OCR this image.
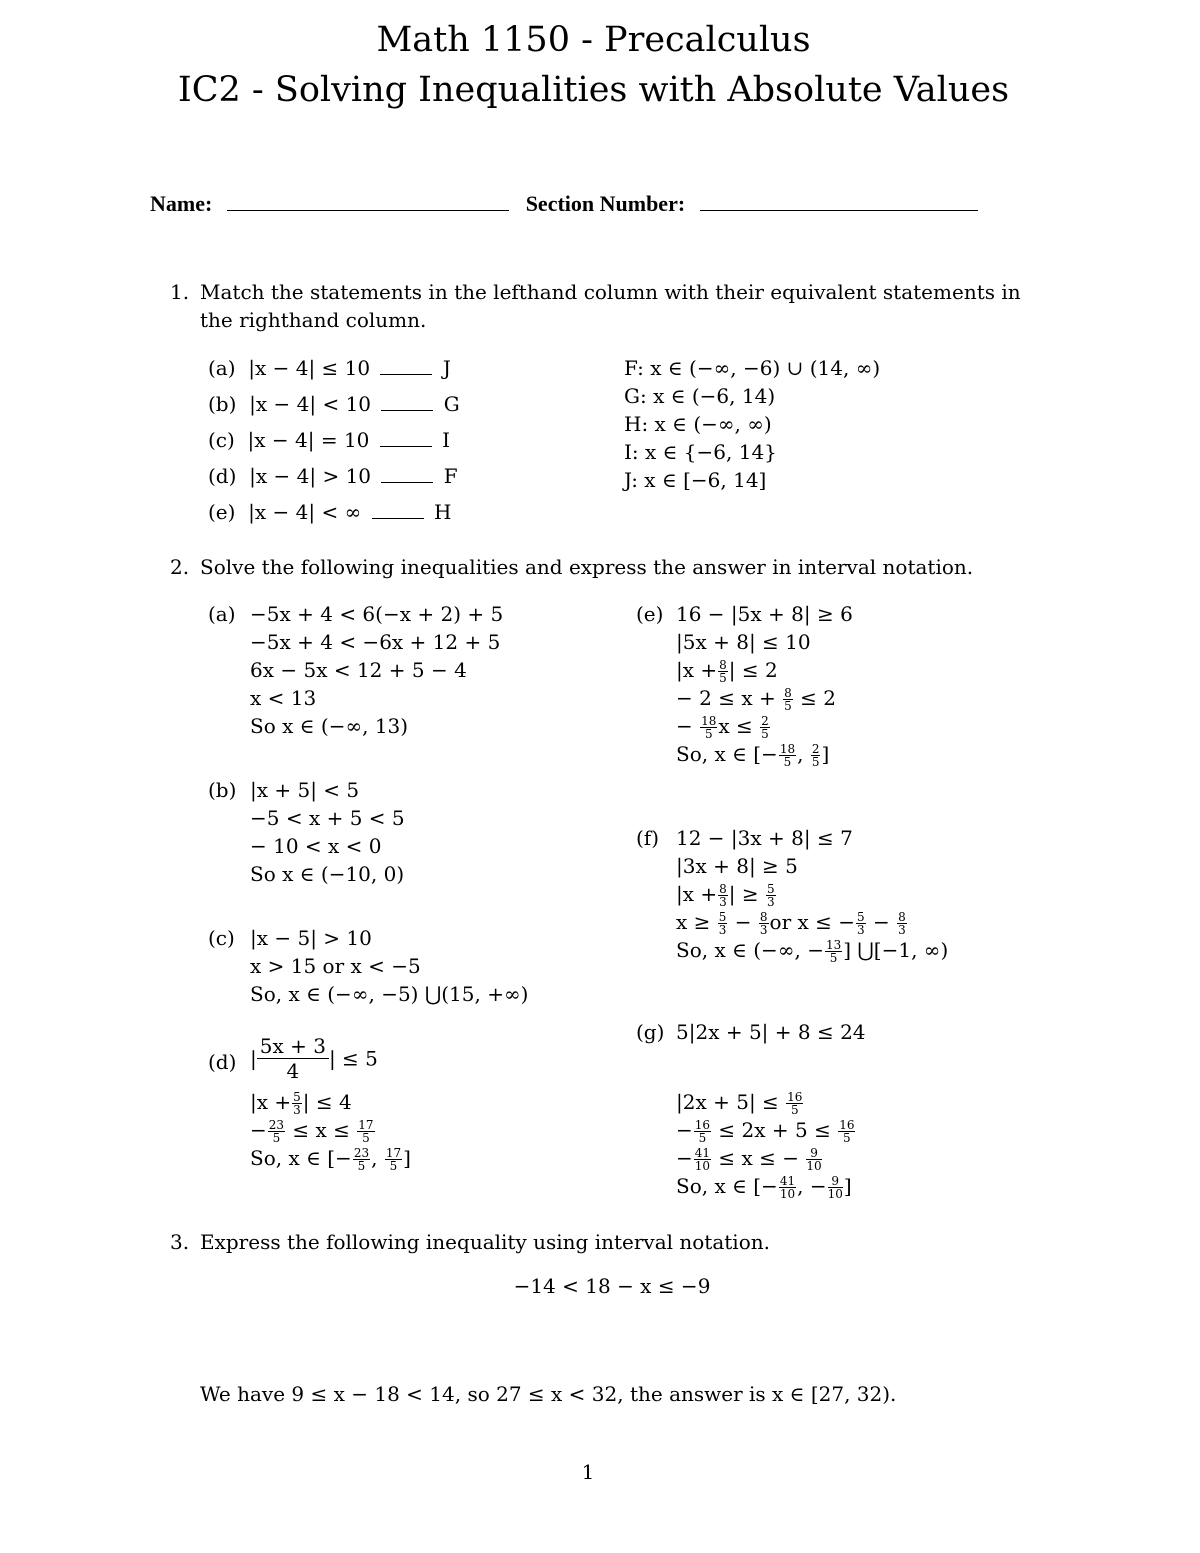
Math 1150 - Precalculus
IC2 - Solving Inequalities with Absolute Values
Name:	Section Number:
1. Match the statements in the lefthand column with their equivalent statements in
the righthand column.
(a) |x − 4| ≤ 10	J
(b) |x − 4| < 10	G
(c) |x − 4| = 10	I
(d) |x − 4| > 10	F
(e) |x − 4| < ∞	H
F: x ∈ (−∞, −6) ∪ (14, ∞)
G: x ∈ (−6, 14)
H: x ∈ (−∞, ∞)
I: x ∈ {−6, 14}
J: x ∈ [−6, 14]
2. Solve the following inequalities and express the answer in interval notation.
(a) −5x + 4 < 6(−x + 2) + 5
−5x + 4 < −6x + 12 + 5
6x − 5x < 12 + 5 − 4
x < 13
So x ∈ (−∞, 13)
(b) |x + 5| < 5
−5 < x + 5 < 5
− 10 < x < 0
So x ∈ (−10, 0)
(c) |x − 5| > 10
x > 15 or x < −5
So, x ∈ (−∞, −5) ⋃(15, +∞)
(d) | $\frac{5x + 3}{4}$ | ≤ 5
$|x + \frac{5}{3}$ | ≤ 4
− $\frac{23}{5} \le x \le \frac{17}{5}$
So, x ∈ [− $\frac{23}{5}$ , $\frac{17}{5}$ ]
(e) 16 − |5x + 8| ≥ 6
|5x + 8| ≤ 10
$|x + \frac{8}{5}$ | ≤ 2
− $2 \le x + \frac{8}{5} \le 2$
− $\frac{18}{5}$ $x \le \frac{2}{5}$
So, x ∈ [− $\frac{18}{5}$ , $\frac{2}{5}$ ]
(f) 12 − |3x + 8| ≤ 7
|3x + 8| ≥ 5
$|x + \frac{8}{3}$ | ≥ $\frac{5}{3}$
$x \ge \frac{5}{3} - \frac{8}{3}$ or x ≤ − $\frac{5}{3} - \frac{8}{3}$
So, x ∈ (−∞, − $\frac{13}{5}$ ] ⋃[−1, ∞)
(g) 5|2x + 5| + 8 ≤ 24
$|2x + 5| \le \frac{16}{5}$
− $\frac{16}{5} \le 2x + 5 \le \frac{16}{5}$
− $\frac{41}{10} \le x$ ≤ − $\frac{9}{10}$
So, x ∈ [− $\frac{41}{10}$ , − $\frac{9}{10}$ ]
3. Express the following inequality using interval notation.
−14 < 18 − x ≤ −9
We have 9 ≤ x − 18 < 14, so 27 ≤ x < 32, the answer is x ∈ [27, 32).
1
